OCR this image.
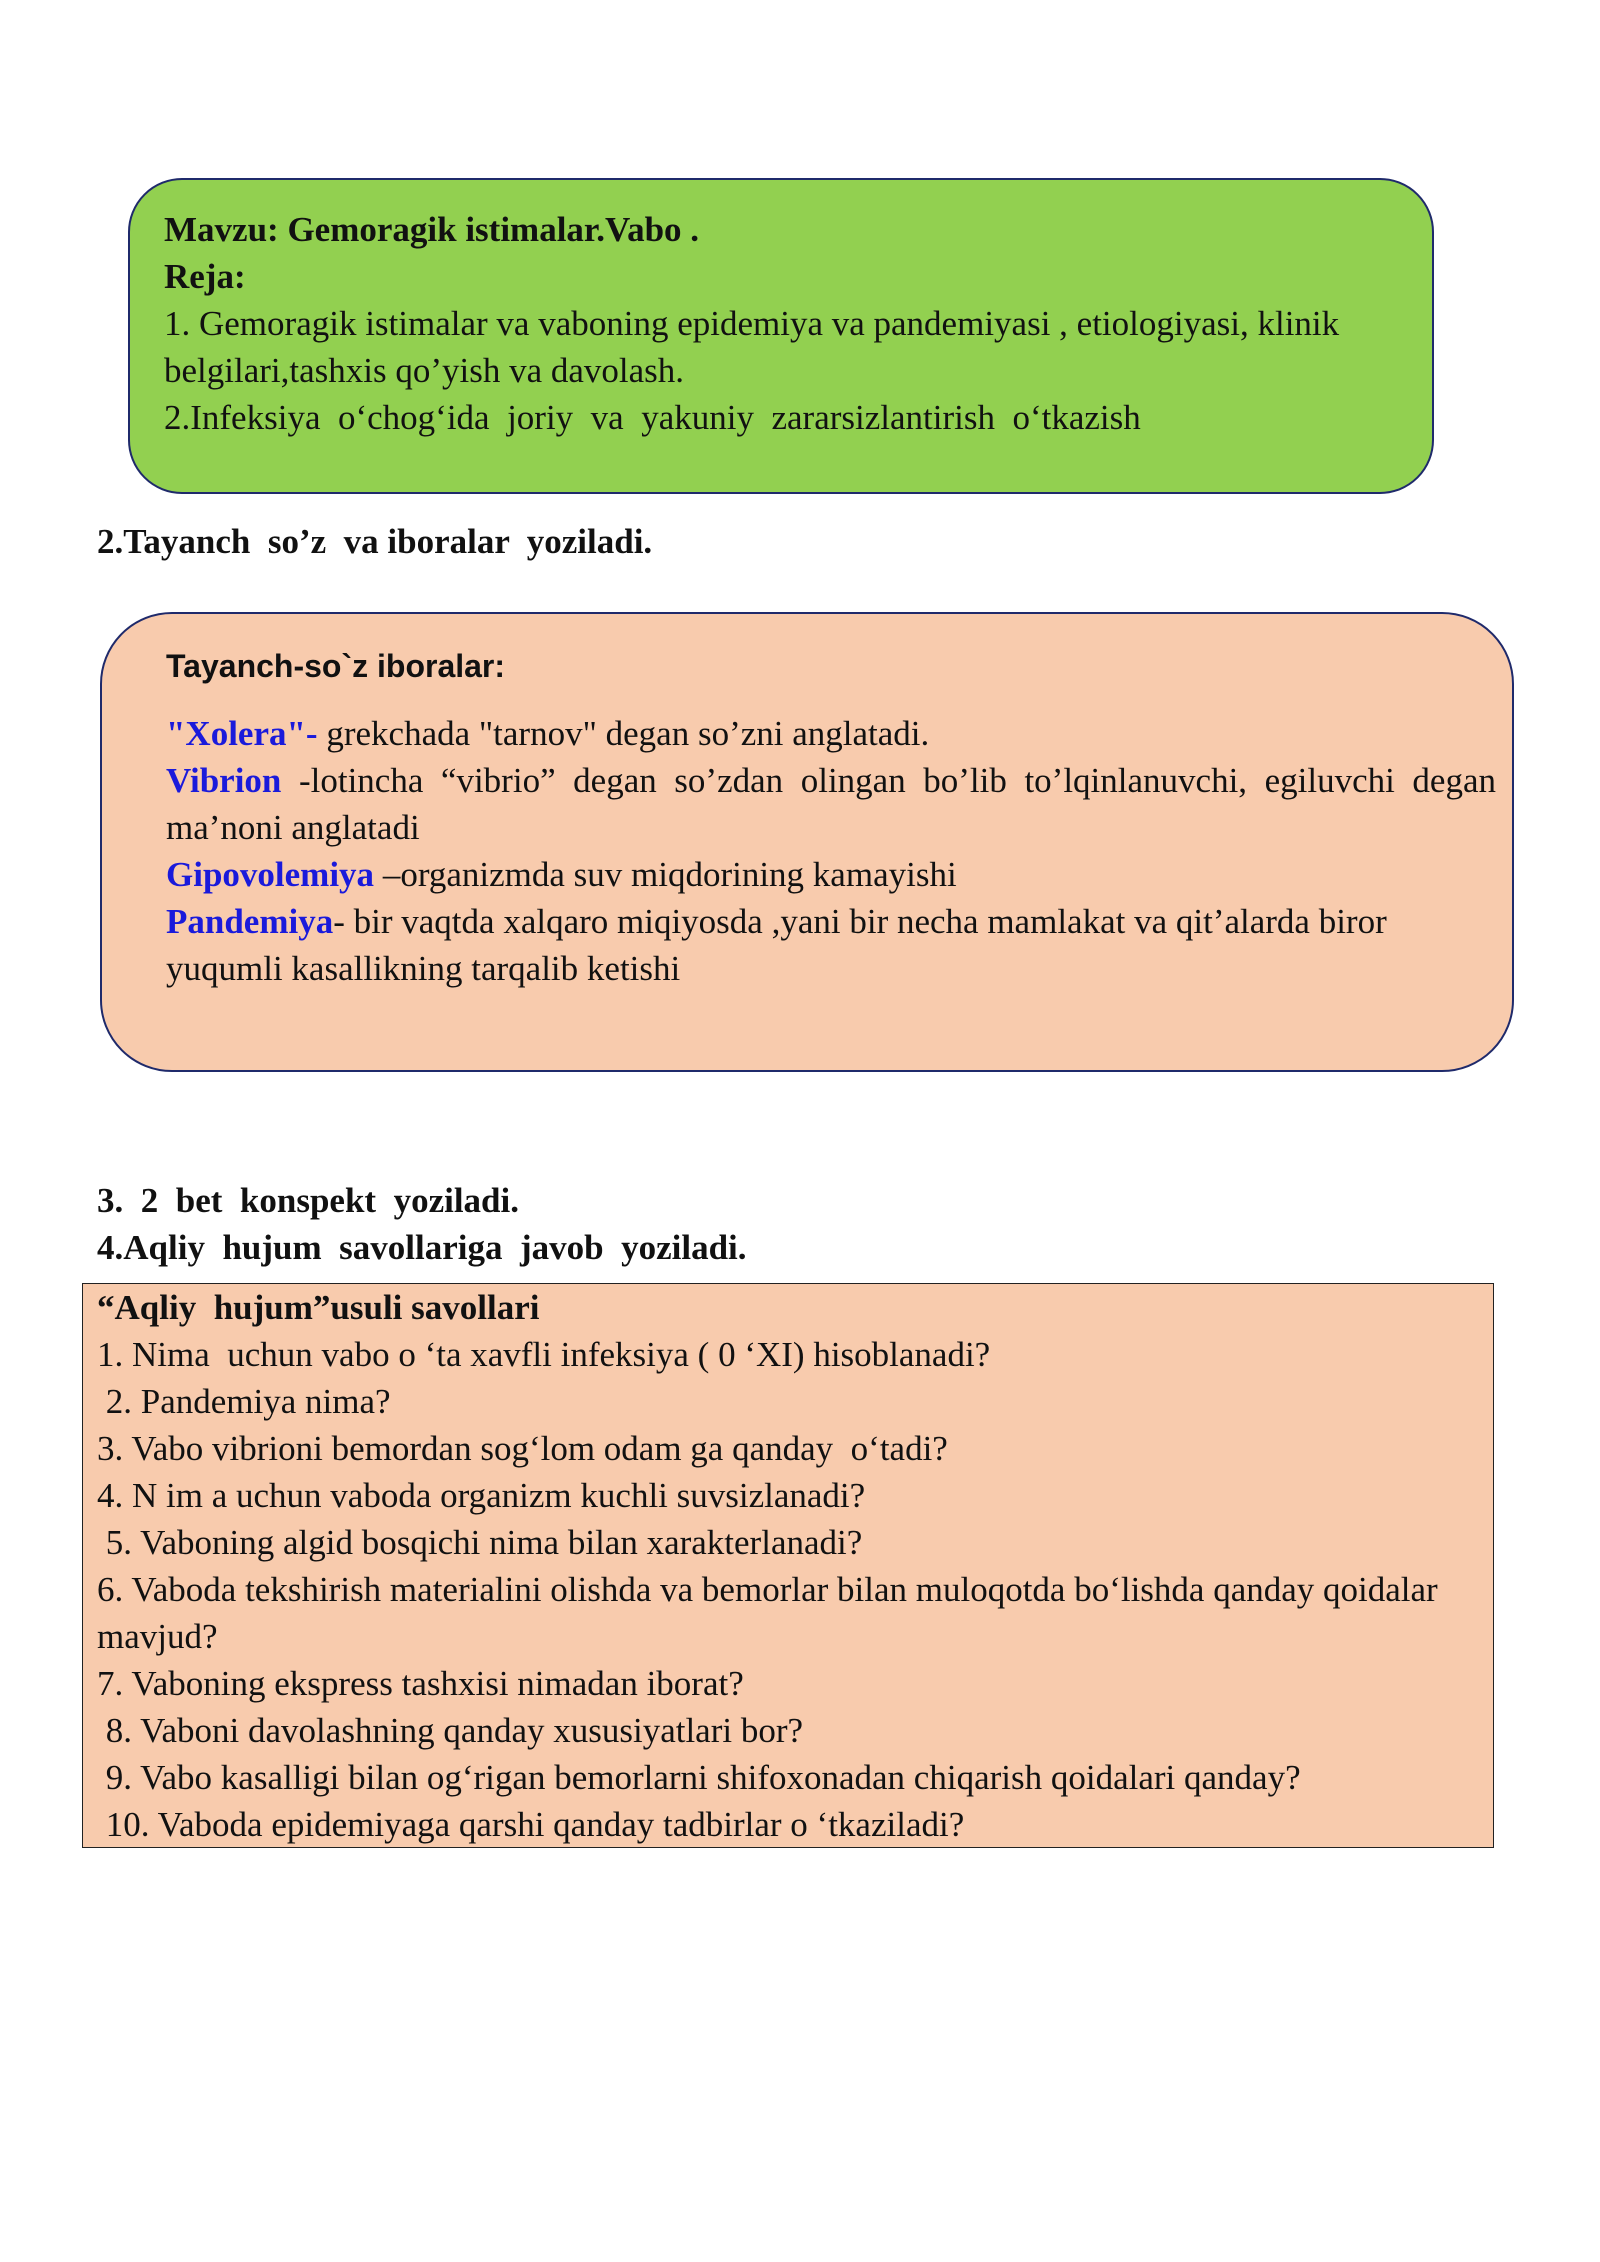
Mavzu: Gemoragik istimalar.Vabo .
Reja:
1. Gemoragik istimalar va vaboning epidemiya va pandemiyasi , etiologiyasi, klinik belgilari,tashxis qo’yish va davolash.
2.Infeksiya  o‘chog‘ida  joriy  va  yakuniy  zararsizlantirish  o‘tkazish
2.Tayanch  so’z  va iboralar  yoziladi.
Tayanch-so`z iboralar:
"Xolera"- grekchada "tarnov" degan so’zni anglatadi.
Vibrion -lotincha “vibrio” degan so’zdan olingan bo’lib to’lqinlanuvchi, egiluvchi degan ma’noni anglatadi
Gipovolemiya –organizmda suv miqdorining kamayishi
Pandemiya- bir vaqtda xalqaro miqiyosda ,yani bir necha mamlakat va qit’alarda biror yuqumli kasallikning tarqalib ketishi
3.  2  bet  konspekt  yoziladi.
4.Aqliy  hujum  savollariga  javob  yoziladi.
“Aqliy  hujum”usuli savollari
1. Nima  uchun vabo o ‘ta xavfli infeksiya ( 0 ‘XI) hisoblanadi?
2. Pandemiya nima?
3. Vabo vibrioni bemordan sog‘lom odam ga qanday  o‘tadi?
4. N im a uchun vaboda organizm kuchli suvsizlanadi?
5. Vaboning algid bosqichi nima bilan xarakterlanadi?
6. Vaboda tekshirish materialini olishda va bemorlar bilan muloqotda bo‘lishda qanday qoidalar mavjud?
7. Vaboning ekspress tashxisi nimadan iborat?
8. Vaboni davolashning qanday xususiyatlari bor?
9. Vabo kasalligi bilan og‘rigan bemorlarni shifoxonadan chiqarish qoidalari qanday?
10. Vaboda epidemiyaga qarshi qanday tadbirlar o ‘tkaziladi?
